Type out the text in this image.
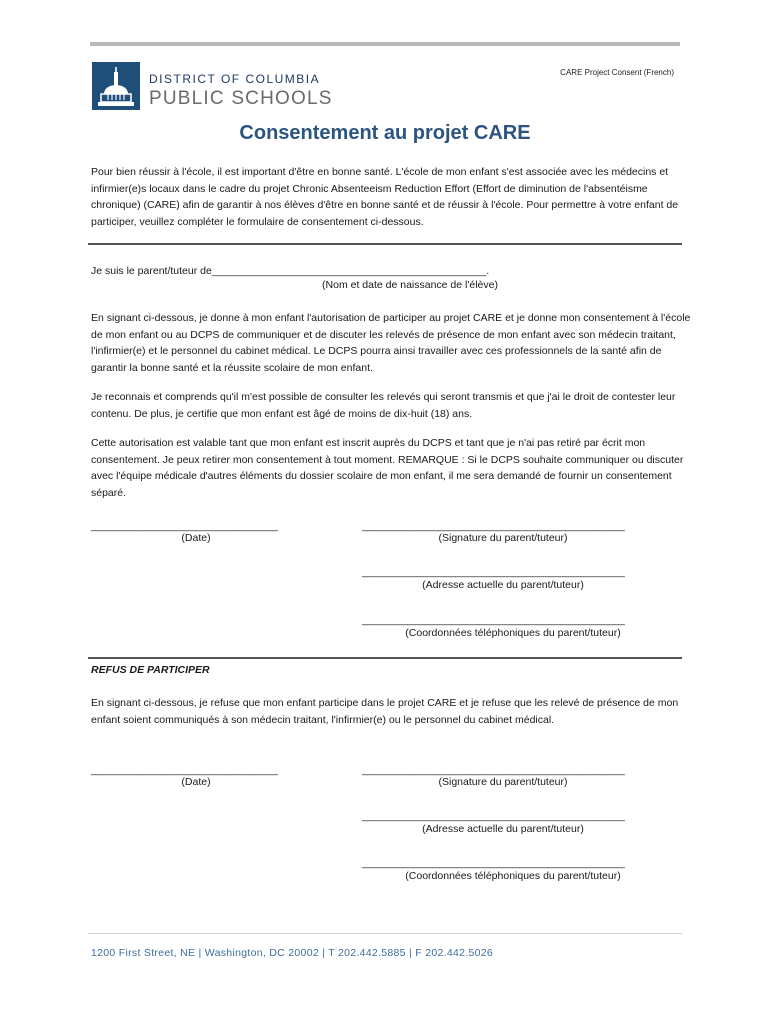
CARE Project Consent (French)
DISTRICT OF COLUMBIA
PUBLIC SCHOOLS
Consentement au projet CARE
Pour bien réussir à l'école, il est important d'être en bonne santé. L'école de mon enfant s'est associée avec les médecins et infirmier(e)s locaux dans le cadre du projet Chronic Absenteeism Reduction Effort (Effort de diminution de l'absentéisme chronique) (CARE) afin de garantir à nos élèves d'être en bonne santé et de réussir à l'école. Pour permettre à votre enfant de participer, veuillez compléter le formulaire de consentement ci-dessous.
Je suis le parent/tuteur de_______________________________________________.
(Nom et date de naissance de l'élève)
En signant ci-dessous, je donne à mon enfant l'autorisation de participer au projet CARE et je donne mon consentement à l'école de mon enfant ou au DCPS de communiquer et de discuter les relevés de présence de mon enfant avec son médecin traitant, l'infirmier(e) et le personnel du cabinet médical. Le DCPS pourra ainsi travailler avec ces professionnels de la santé afin de garantir la bonne santé et la réussite scolaire de mon enfant.
Je reconnais et comprends qu'il m'est possible de consulter les relevés qui seront transmis et que j'ai le droit de contester leur contenu. De plus, je certifie que mon enfant est âgé de moins de dix-huit (18) ans.
Cette autorisation est valable tant que mon enfant est inscrit auprès du DCPS et tant que je n'ai pas retiré par écrit mon consentement. Je peux retirer mon consentement à tout moment. REMARQUE : Si le DCPS souhaite communiquer ou discuter avec l'équipe médicale d'autres éléments du dossier scolaire de mon enfant, il me sera demandé de fournir un consentement séparé.
________________________________
(Date)
_____________________________________________
(Signature du parent/tuteur)
_____________________________________________
(Adresse actuelle du parent/tuteur)
_____________________________________________
(Coordonnées téléphoniques du parent/tuteur)
REFUS DE PARTICIPER
En signant ci-dessous, je refuse que mon enfant participe dans le projet CARE et je refuse que les relevé de présence de mon enfant soient communiqués à son médecin traitant, l'infirmier(e) ou le personnel du cabinet médical.
________________________________
(Date)
_____________________________________________
(Signature du parent/tuteur)
_____________________________________________
(Adresse actuelle du parent/tuteur)
_____________________________________________
(Coordonnées téléphoniques du parent/tuteur)
1200 First Street, NE | Washington, DC 20002 | T 202.442.5885 | F 202.442.5026
